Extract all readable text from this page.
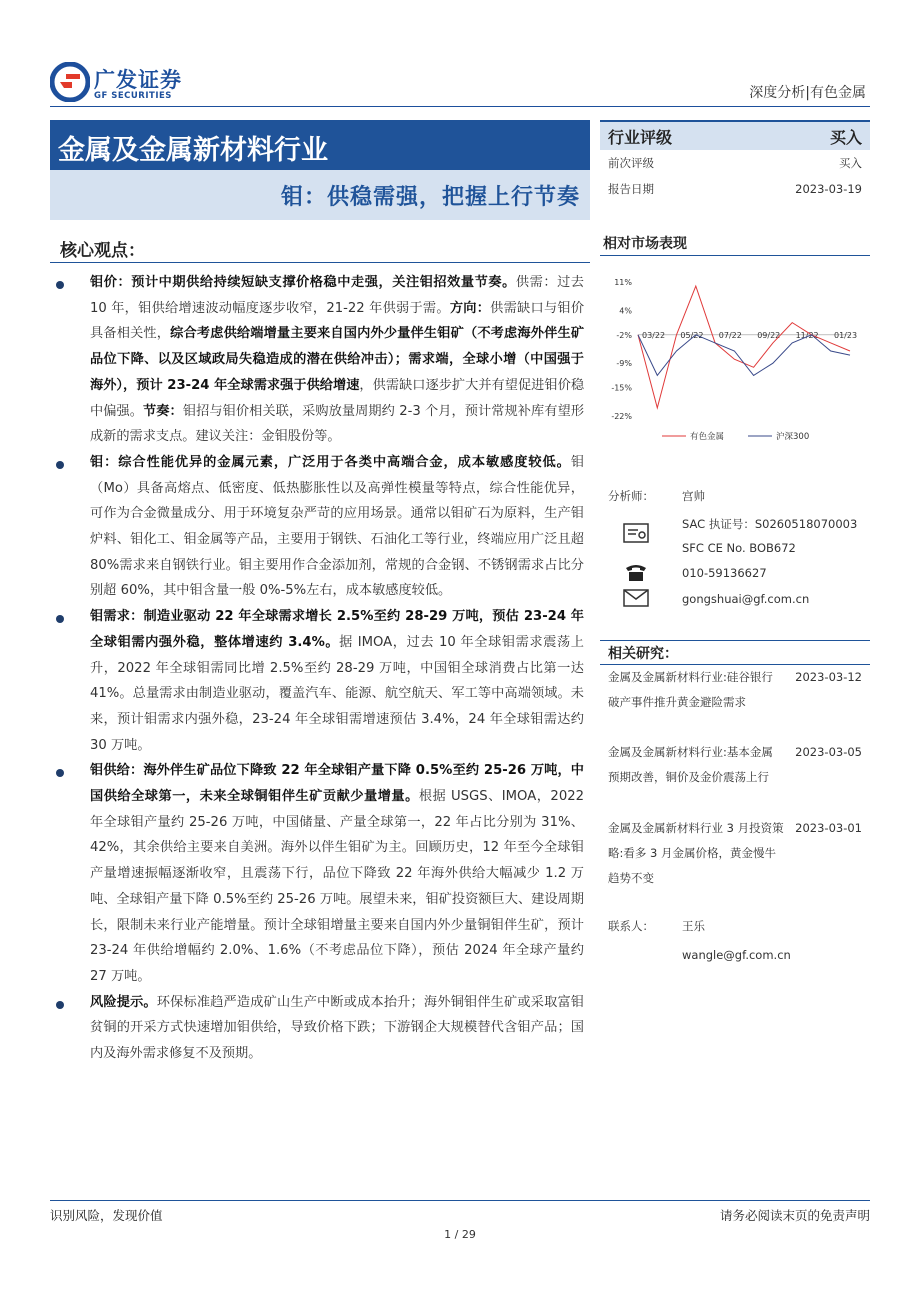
广发证券
GF SECURITIES	深度分析|有色金属
金属及金属新材料行业
钼：供稳需强，把握上行节奏
行业评级	买入
前次评级	买入
报告日期	2023-03-19
核心观点：
钼价：预计中期供给持续短缺支撑价格稳中走强，关注钼招效量节奏。供需：过去 10 年，钼供给增速波动幅度逐步收窄，21-22 年供弱于需。方向：供需缺口与钼价具备相关性，综合考虑供给端增量主要来自国内外少量伴生钼矿（不考虑海外伴生矿品位下降、以及区域政局失稳造成的潜在供给冲击）；需求端，全球小增（中国强于海外），预计 23-24 年全球需求强于供给增速，供需缺口逐步扩大并有望促进钼价稳中偏强。节奏：钼招与钼价相关联，采购放量周期约 2-3 个月，预计常规补库有望形成新的需求支点。建议关注：金钼股份等。
钼：综合性能优异的金属元素，广泛用于各类中高端合金，成本敏感度较低。钼（Mo）具备高熔点、低密度、低热膨胀性以及高弹性模量等特点，综合性能优异，可作为合金微量成分、用于环境复杂严苛的应用场景。通常以钼矿石为原料，生产钼炉料、钼化工、钼金属等产品，主要用于钢铁、石油化工等行业，终端应用广泛且超 80%需求来自钢铁行业。钼主要用作合金添加剂，常规的合金钢、不锈钢需求占比分别超 60%，其中钼含量一般 0%-5%左右，成本敏感度较低。
钼需求：制造业驱动 22 年全球需求增长 2.5%至约 28-29 万吨，预估 23-24 年全球钼需内强外稳，整体增速约 3.4%。据 IMOA，过去 10 年全球钼需求震荡上升，2022 年全球钼需同比增 2.5%至约 28-29 万吨，中国钼全球消费占比第一达 41%。总量需求由制造业驱动，覆盖汽车、能源、航空航天、军工等中高端领域。未来，预计钼需求内强外稳，23-24 年全球钼需增速预估 3.4%，24 年全球钼需达约 30 万吨。
钼供给：海外伴生矿品位下降致 22 年全球钼产量下降 0.5%至约 25-26 万吨，中国供给全球第一，未来全球铜钼伴生矿贡献少量增量。根据 USGS、IMOA，2022 年全球钼产量约 25-26 万吨，中国储量、产量全球第一，22 年占比分别为 31%、42%，其余供给主要来自美洲。海外以伴生钼矿为主。回顾历史，12 年至今全球钼产量增速振幅逐渐收窄，且震荡下行，品位下降致 22 年海外供给大幅减少 1.2 万吨、全球钼产量下降 0.5%至约 25-26 万吨。展望未来，钼矿投资额巨大、建设周期长，限制未来行业产能增量。预计全球钼增量主要来自国内外少量铜钼伴生矿，预计 23-24 年供给增幅约 2.0%、1.6%（不考虑品位下降），预估 2024 年全球产量约 27 万吨。
风险提示。环保标准趋严造成矿山生产中断或成本抬升；海外铜钼伴生矿或采取富钼贫铜的开采方式快速增加钼供给，导致价格下跌；下游钢企大规模替代含钼产品；国内及海外需求修复不及预期。
相对市场表现
11%
4%
-2%
-9%
-15%
-22%
03/22 05/22 07/22 09/22 11/22 01/23
有色金属	沪深300
分析师： 宫帅
SAC 执证号：S0260518070003
SFC CE No. BOB672
010-59136627
gongshuai@gf.com.cn
相关研究：
金属及金属新材料行业:硅谷银行破产事件推升黄金避险需求
2023-03-12
金属及金属新材料行业:基本金属预期改善，铜价及金价震荡上行
2023-03-05
金属及金属新材料行业 3 月投资策略:看多 3 月金属价格，黄金慢牛趋势不变
2023-03-01
联系人： 王乐
wangle@gf.com.cn
识别风险，发现价值	请务必阅读末页的免责声明
1 / 29
